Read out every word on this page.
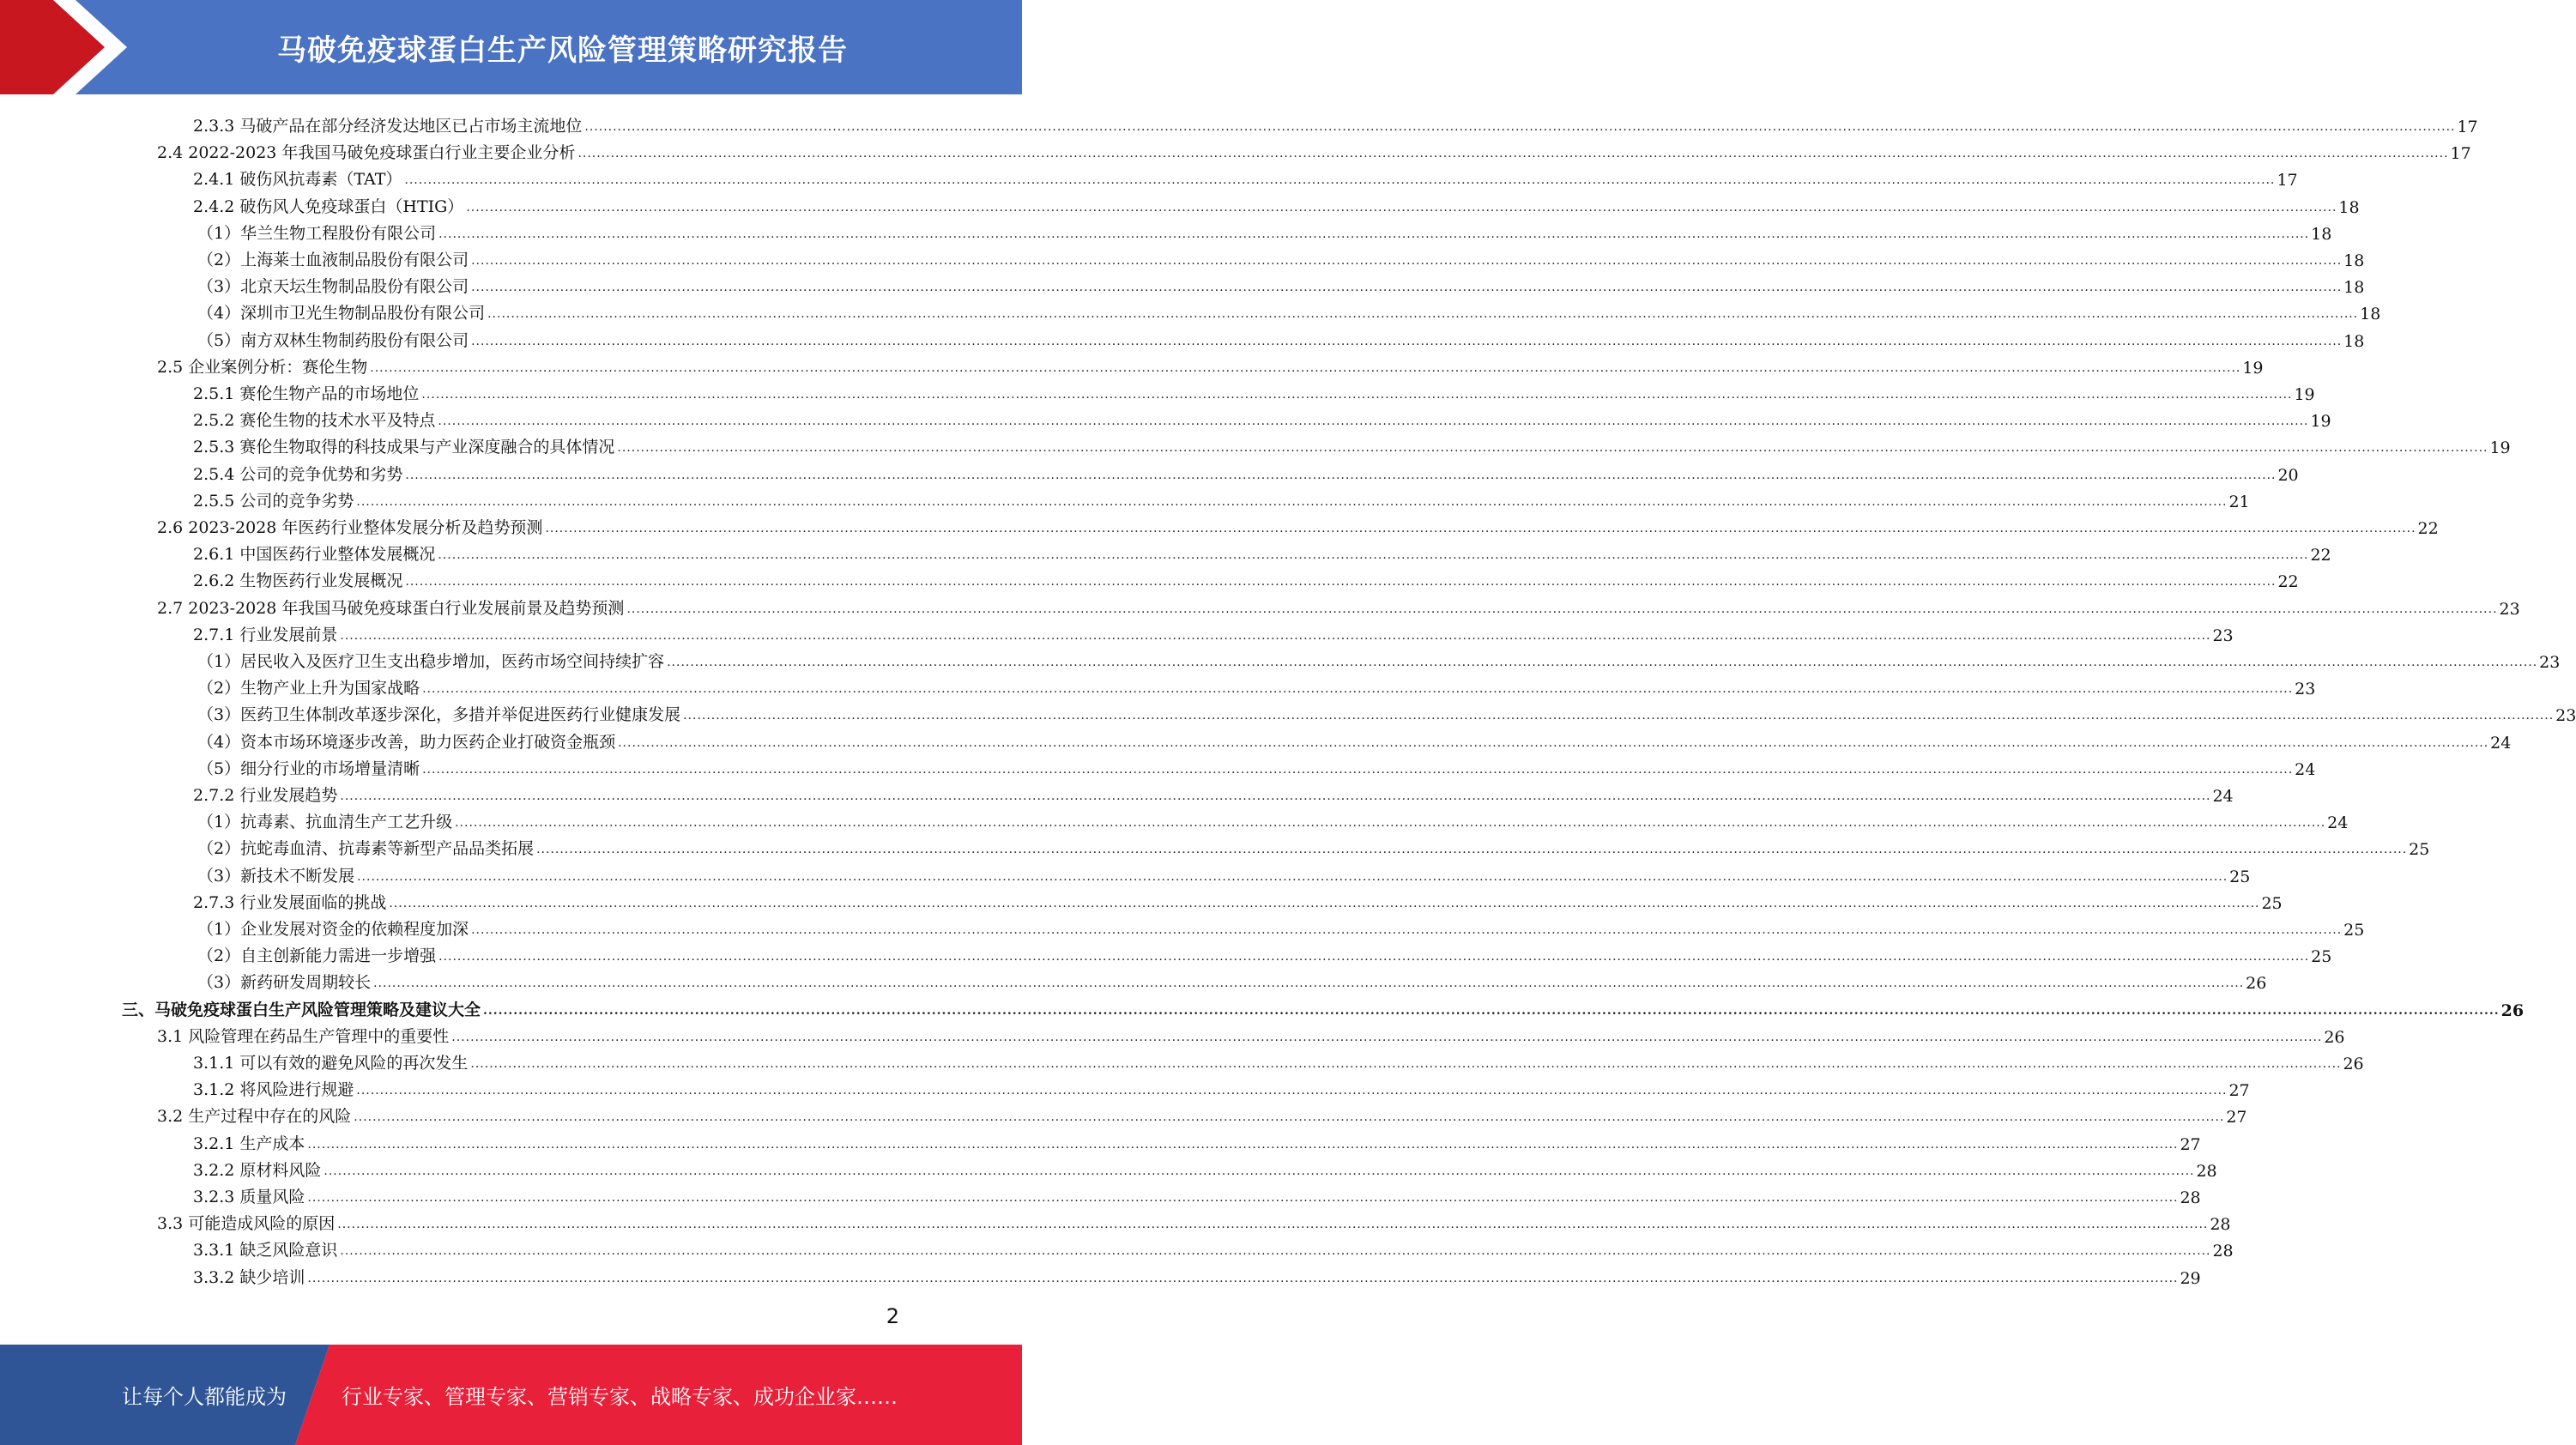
马破免疫球蛋白生产风险管理策略研究报告
2.3.3 马破产品在部分经济发达地区已占市场主流地位 ................................................................................................................................................................................................................................................................................................................................................................................................................ 17
2.4 2022-2023 年我国马破免疫球蛋白行业主要企业分析 ................................................................................................................................................................................................................................................................................................................................................................................................................ 17
2.4.1 破伤风抗毒素（TAT） ................................................................................................................................................................................................................................................................................................................................................................................................................ 17
2.4.2 破伤风人免疫球蛋白（HTIG） ................................................................................................................................................................................................................................................................................................................................................................................................................ 18
（1）华兰生物工程股份有限公司 ................................................................................................................................................................................................................................................................................................................................................................................................................ 18
（2）上海莱士血液制品股份有限公司 ................................................................................................................................................................................................................................................................................................................................................................................................................ 18
（3）北京天坛生物制品股份有限公司 ................................................................................................................................................................................................................................................................................................................................................................................................................ 18
（4）深圳市卫光生物制品股份有限公司 ................................................................................................................................................................................................................................................................................................................................................................................................................ 18
（5）南方双林生物制药股份有限公司 ................................................................................................................................................................................................................................................................................................................................................................................................................ 18
2.5 企业案例分析：赛伦生物 ................................................................................................................................................................................................................................................................................................................................................................................................................ 19
2.5.1 赛伦生物产品的市场地位 ................................................................................................................................................................................................................................................................................................................................................................................................................ 19
2.5.2 赛伦生物的技术水平及特点 ................................................................................................................................................................................................................................................................................................................................................................................................................ 19
2.5.3 赛伦生物取得的科技成果与产业深度融合的具体情况 ................................................................................................................................................................................................................................................................................................................................................................................................................ 19
2.5.4 公司的竞争优势和劣势 ................................................................................................................................................................................................................................................................................................................................................................................................................ 20
2.5.5 公司的竞争劣势 ................................................................................................................................................................................................................................................................................................................................................................................................................ 21
2.6 2023-2028 年医药行业整体发展分析及趋势预测 ................................................................................................................................................................................................................................................................................................................................................................................................................ 22
2.6.1 中国医药行业整体发展概况 ................................................................................................................................................................................................................................................................................................................................................................................................................ 22
2.6.2 生物医药行业发展概况 ................................................................................................................................................................................................................................................................................................................................................................................................................ 22
2.7 2023-2028 年我国马破免疫球蛋白行业发展前景及趋势预测 ................................................................................................................................................................................................................................................................................................................................................................................................................ 23
2.7.1 行业发展前景 ................................................................................................................................................................................................................................................................................................................................................................................................................ 23
（1）居民收入及医疗卫生支出稳步增加，医药市场空间持续扩容 ................................................................................................................................................................................................................................................................................................................................................................................................................ 23
（2）生物产业上升为国家战略 ................................................................................................................................................................................................................................................................................................................................................................................................................ 23
（3）医药卫生体制改革逐步深化，多措并举促进医药行业健康发展 ................................................................................................................................................................................................................................................................................................................................................................................................................ 23
（4）资本市场环境逐步改善，助力医药企业打破资金瓶颈 ................................................................................................................................................................................................................................................................................................................................................................................................................ 24
（5）细分行业的市场增量清晰 ................................................................................................................................................................................................................................................................................................................................................................................................................ 24
2.7.2 行业发展趋势 ................................................................................................................................................................................................................................................................................................................................................................................................................ 24
（1）抗毒素、抗血清生产工艺升级 ................................................................................................................................................................................................................................................................................................................................................................................................................ 24
（2）抗蛇毒血清、抗毒素等新型产品品类拓展 ................................................................................................................................................................................................................................................................................................................................................................................................................ 25
（3）新技术不断发展 ................................................................................................................................................................................................................................................................................................................................................................................................................ 25
2.7.3 行业发展面临的挑战 ................................................................................................................................................................................................................................................................................................................................................................................................................ 25
（1）企业发展对资金的依赖程度加深 ................................................................................................................................................................................................................................................................................................................................................................................................................ 25
（2）自主创新能力需进一步增强 ................................................................................................................................................................................................................................................................................................................................................................................................................ 25
（3）新药研发周期较长 ................................................................................................................................................................................................................................................................................................................................................................................................................ 26
三、马破免疫球蛋白生产风险管理策略及建议大全 ................................................................................................................................................................................................................................................................................................................................................................................................................ 26
3.1 风险管理在药品生产管理中的重要性 ................................................................................................................................................................................................................................................................................................................................................................................................................ 26
3.1.1 可以有效的避免风险的再次发生 ................................................................................................................................................................................................................................................................................................................................................................................................................ 26
3.1.2 将风险进行规避 ................................................................................................................................................................................................................................................................................................................................................................................................................ 27
3.2 生产过程中存在的风险 ................................................................................................................................................................................................................................................................................................................................................................................................................ 27
3.2.1 生产成本 ................................................................................................................................................................................................................................................................................................................................................................................................................ 27
3.2.2 原材料风险 ................................................................................................................................................................................................................................................................................................................................................................................................................ 28
3.2.3 质量风险 ................................................................................................................................................................................................................................................................................................................................................................................................................ 28
3.3 可能造成风险的原因 ................................................................................................................................................................................................................................................................................................................................................................................................................ 28
3.3.1 缺乏风险意识 ................................................................................................................................................................................................................................................................................................................................................................................................................ 28
3.3.2 缺少培训 ................................................................................................................................................................................................................................................................................................................................................................................................................ 29
2
让每个人都能成为	行业专家、管理专家、营销专家、战略专家、成功企业家……
